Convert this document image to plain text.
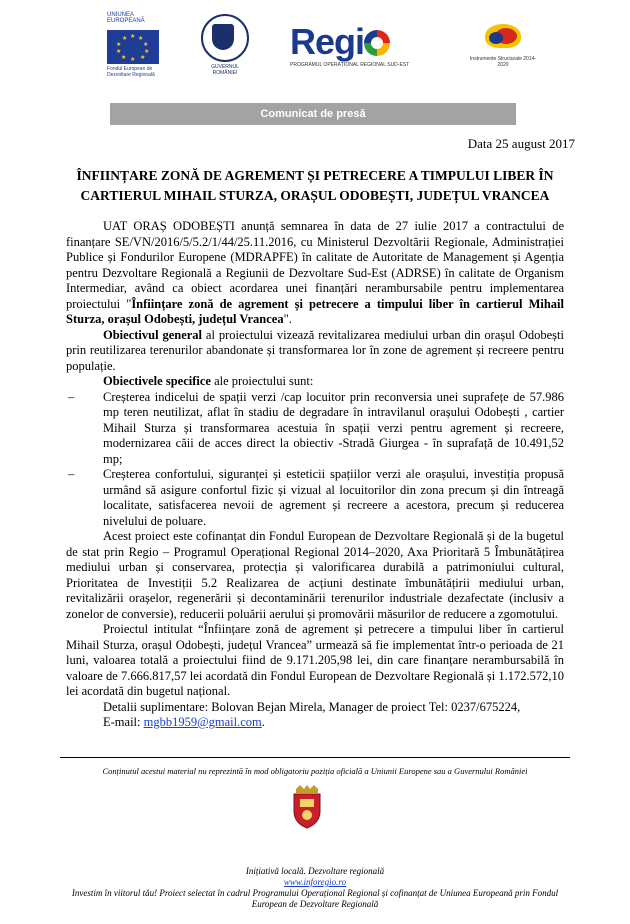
UNIUNEA EUROPEANĂ
★ ★
★
★
★
★
★
★
★
★
Fondul European de Dezvoltare Regională
GUVERNUL ROMÂNIEI
Regi
PROGRAMUL OPERAȚIONAL REGIONAL SUD-EST
Instrumente Structurale 2014-2020
Comunicat de presă
Data 25 august 2017
ÎNFIINȚARE ZONĂ DE AGREMENT ȘI PETRECERE A TIMPULUI LIBER ÎN
CARTIERUL MIHAIL STURZA, ORAȘUL ODOBEȘTI, JUDEȚUL VRANCEA

UAT ORAȘ ODOBEȘTI anunță semnarea în data de 27 iulie 2017 a contractului de finanțare SE/VN/2016/5/5.2/1/44/25.11.2016, cu Ministerul Dezvoltării Regionale, Administrației Publice și Fondurilor Europene (MDRAPFE) în calitate de Autoritate de Management și Agenția pentru Dezvoltare Regională a Regiunii de Dezvoltare Sud-Est (ADRSE) în calitate de Organism Intermediar, având ca obiect acordarea unei finanțări nerambursabile pentru implementarea proiectului "Înființare zonă de agrement și petrecere a timpului liber în cartierul Mihail Sturza, orașul Odobești, județul Vrancea".

Obiectivul general al proiectului vizează revitalizarea mediului urban din orașul Odobești prin reutilizarea terenurilor abandonate și transformarea lor în zone de agrement și recreere pentru populație.

Obiectivele specifice ale proiectului sunt:

– Creșterea indicelui de spații verzi /cap locuitor prin reconversia unei suprafețe de 57.986 mp teren neutilizat, aflat în stadiu de degradare în intravilanul orașului Odobești , cartier Mihail Sturza și transformarea acestuia în spații verzi pentru agrement și recreere, modernizarea căii de acces direct la obiectiv -Stradă Giurgea - în suprafață de 10.491,52 mp;

– Creșterea confortului, siguranței și esteticii spațiilor verzi ale orașului, investiția propusă urmând să asigure confortul fizic și vizual al locuitorilor din zona precum și din întreagă localitate, satisfacerea nevoii de agrement și recreere a acestora, precum și reducerea nivelului de poluare.

Acest proiect este cofinanțat din Fondul European de Dezvoltare Regională și de la bugetul de stat prin Regio – Programul Operațional Regional 2014–2020, Axa Prioritară 5 Îmbunătățirea mediului urban și conservarea, protecția și valorificarea durabilă a patrimoniului cultural, Prioritatea de Investiții 5.2 Realizarea de acțiuni destinate îmbunătățirii mediului urban, revitalizării orașelor, regenerării și decontaminării terenurilor industriale dezafectate (inclusiv a zonelor de conversie), reducerii poluării aerului și promovării măsurilor de reducere a zgomotului.

Proiectul intitulat “Înființare zonă de agrement și petrecere a timpului liber în cartierul Mihail Sturza, orașul Odobești, județul Vrancea” urmează să fie implementat într-o perioada de 21 luni, valoarea totală a proiectului fiind de 9.171.205,98 lei, din care finanțare nerambursabilă în valoare de 7.666.817,57 lei acordată din Fondul European de Dezvoltare Regională și 1.172.572,10 lei acordată din bugetul național.

Detalii suplimentare: Bolovan Bejan Mirela, Manager de proiect Tel: 0237/675224,

E-mail: mgbb1959@gmail.com.

Conținutul acestui material nu reprezintă în mod obligatoriu poziția oficială a Uniunii Europene sau a Guvernului României
Inițiativă locală. Dezvoltare regională
www.inforegio.ro
Investim în viitorul tău! Proiect selectat în cadrul Programului Operațional Regional și cofinanțat de Uniunea Europeană prin Fondul European de Dezvoltare Regională
